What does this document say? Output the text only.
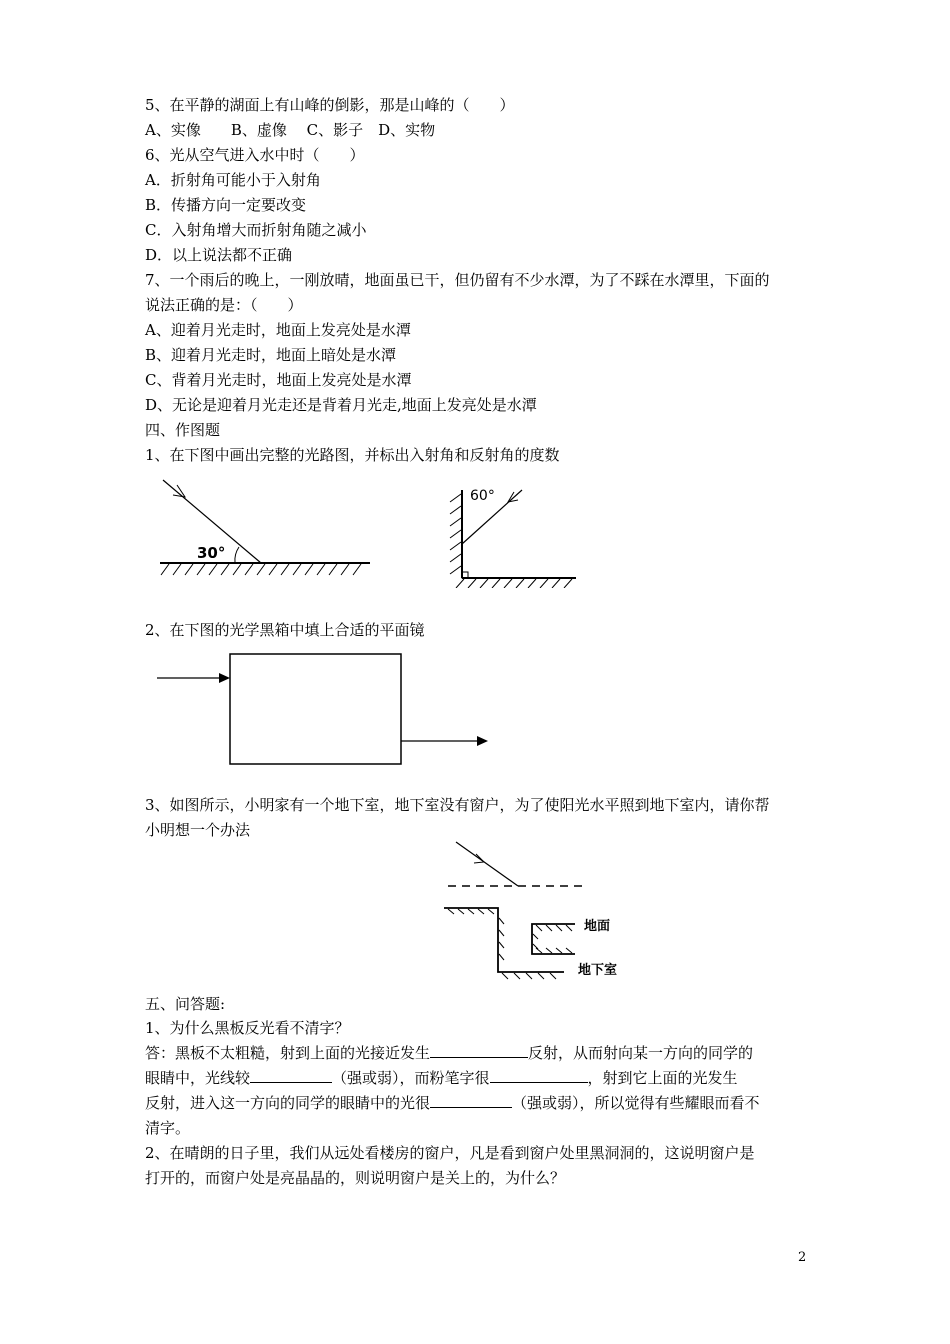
5、在平静的湖面上有山峰的倒影，那是山峰的（　　）
A、实像　　B、虚像　 C、影子　D、实物
6、光从空气进入水中时（　　）
A．折射角可能小于入射角
B．传播方向一定要改变
C．入射角增大而折射角随之减小
D．以上说法都不正确
7、一个雨后的晚上，一刚放晴，地面虽已干，但仍留有不少水潭，为了不踩在水潭里，下面的
说法正确的是：（　　）
A、迎着月光走时，地面上发亮处是水潭
B、迎着月光走时，地面上暗处是水潭
C、背着月光走时，地面上发亮处是水潭
D、无论是迎着月光走还是背着月光走,地面上发亮处是水潭
四、作图题
1、在下图中画出完整的光路图，并标出入射角和反射角的度数
30°
60°
2、在下图的光学黑箱中填上合适的平面镜
3、如图所示，小明家有一个地下室，地下室没有窗户，为了使阳光水平照到地下室内，请你帮
小明想一个办法
地面
地下室
五、问答题:
1、为什么黑板反光看不清字？
答：黑板不太粗糙，射到上面的光接近发生	反射，从而射向某一方向的同学的
眼睛中，光线较	（强或弱），而粉笔字很	，射到它上面的光发生
反射，进入这一方向的同学的眼睛中的光很	（强或弱），所以觉得有些耀眼而看不
清字。
2、在晴朗的日子里，我们从远处看楼房的窗户，凡是看到窗户处里黑洞洞的，这说明窗户是
打开的，而窗户处是亮晶晶的，则说明窗户是关上的，为什么？
2
